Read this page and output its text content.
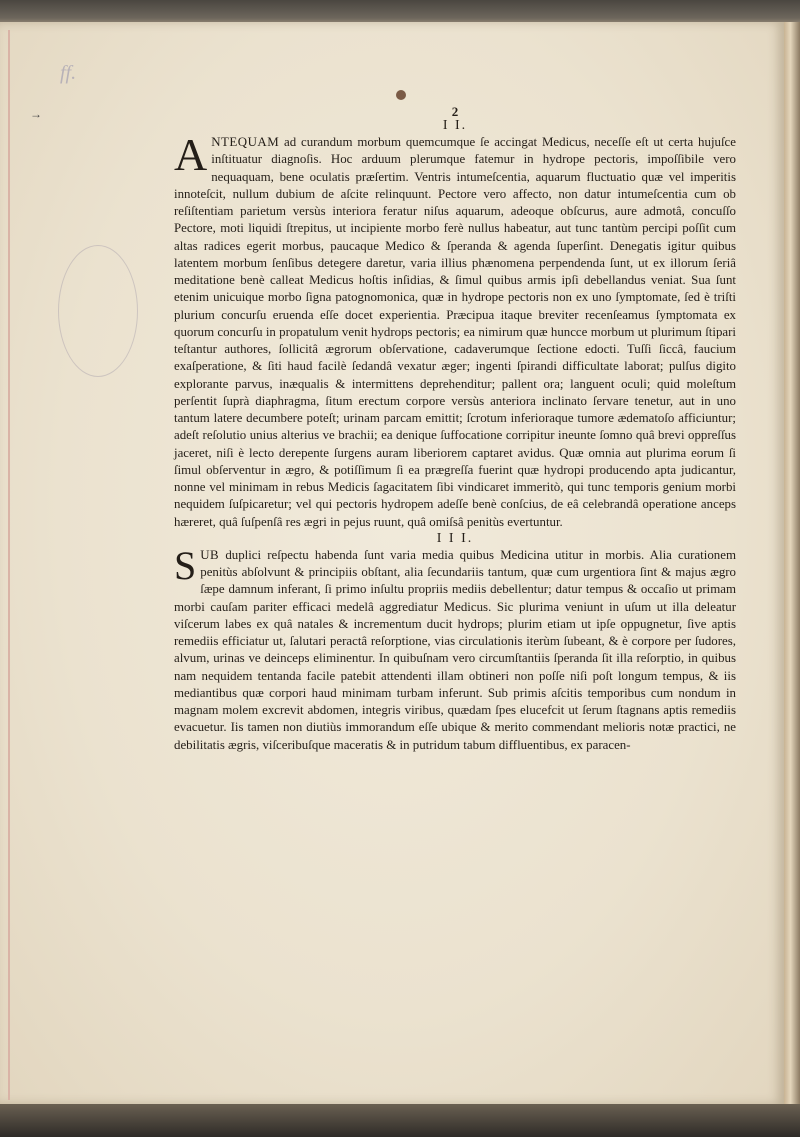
ff.
→	2
I I.

ANTEQUAM ad curandum morbum quemcumque ſe accingat Medicus, neceſſe eſt ut certa hujuſce inſtituatur diagnoſis. Hoc arduum plerumque fatemur in hydrope pectoris, impoſſibile vero nequaquam, bene oculatis præſertim. Ventris intumeſcentia, aquarum fluctuatio quæ vel imperitis innoteſcit, nullum dubium de aſcite relinquunt. Pectore vero affecto, non datur intumeſcentia cum ob reſiſtentiam parietum versùs interiora feratur niſus aquarum, adeoque obſcurus, aure admotâ, concuſſo Pectore, moti liquidi ſtrepitus, ut incipiente morbo ferè nullus habeatur, aut tunc tantùm percipi poſſit cum altas radices egerit morbus, paucaque Medico & ſperanda & agenda ſuperſint. Denegatis igitur quibus latentem morbum ſenſibus detegere daretur, varia illius phænomena perpendenda ſunt, ut ex illorum ſeriâ meditatione benè calleat Medicus hoſtis inſidias, & ſimul quibus armis ipſi debellandus veniat. Sua ſunt etenim unicuique morbo ſigna patognomonica, quæ in hydrope pectoris non ex uno ſymptomate, ſed è triſti plurium concurſu eruenda eſſe docet experientia. Præcipua itaque breviter recenſeamus ſymptomata ex quorum concurſu in propatulum venit hydrops pectoris; ea nimirum quæ huncce morbum ut plurimum ſtipari teſtantur authores, ſollicitâ ægrorum obſervatione, cadaverumque ſectione edocti. Tuſſi ſiccâ, faucium exaſperatione, & ſiti haud facilè ſedandâ vexatur æger; ingenti ſpirandi difficultate laborat; pulſus digito explorante parvus, inæqualis & intermittens deprehenditur; pallent ora; languent oculi; quid moleſtum perſentit ſuprà diaphragma, ſitum erectum corpore versùs anteriora inclinato ſervare tenetur, aut in uno tantum latere decumbere poteſt; urinam parcam emittit; ſcrotum inferioraque tumore ædematoſo afficiuntur; adeſt reſolutio unius alterius ve brachii; ea denique ſuffocatione corripitur ineunte ſomno quâ brevi oppreſſus jaceret, niſi è lecto derepente ſurgens auram liberiorem captaret avidus. Quæ omnia aut plurima eorum ſi ſimul obſerventur in ægro, & potiſſimum ſi ea prægreſſa fuerint quæ hydropi producendo apta judicantur, nonne vel minimam in rebus Medicis ſagacitatem ſibi vindicaret immeritò, qui tunc temporis genium morbi nequidem ſuſpicaretur; vel qui pectoris hydropem adeſſe benè conſcius, de eâ celebrandâ operatione anceps hæreret, quâ ſuſpenſâ res ægri in pejus ruunt, quâ omiſsâ penitùs evertuntur.

I I I.

SUB duplici reſpectu habenda ſunt varia media quibus Medicina utitur in morbis. Alia curationem penitùs abſolvunt & principiis obſtant, alia ſecundariis tantum, quæ cum urgentiora ſint & majus ægro ſæpe damnum inferant, ſi primo inſultu propriis mediis debellentur; datur tempus & occaſio ut primam morbi cauſam pariter efficaci medelâ aggrediatur Medicus. Sic plurima veniunt in uſum ut illa deleatur viſcerum labes ex quâ natales & incrementum ducit hydrops; plurim etiam ut ipſe oppugnetur, ſive aptis remediis efficiatur ut, ſalutari peractâ reſorptione, vias circulationis iterùm ſubeant, & è corpore per ſudores, alvum, urinas ve deinceps eliminentur. In quibuſnam vero circumſtantiis ſperanda ſit illa reſorptio, in quibus nam nequidem tentanda facile patebit attendenti illam obtineri non poſſe niſi poſt longum tempus, & iis mediantibus quæ corpori haud minimam turbam inferunt. Sub primis aſcitis temporibus cum nondum in magnam molem excrevit abdomen, integris viribus, quædam ſpes elucefcit ut ſerum ſtagnans aptis remediis evacuetur. Iis tamen non diutiùs immorandum eſſe ubique & merito commendant melioris notæ practici, ne debilitatis ægris, viſceribuſque maceratis & in putridum tabum diffluentibus, ex paracen-
